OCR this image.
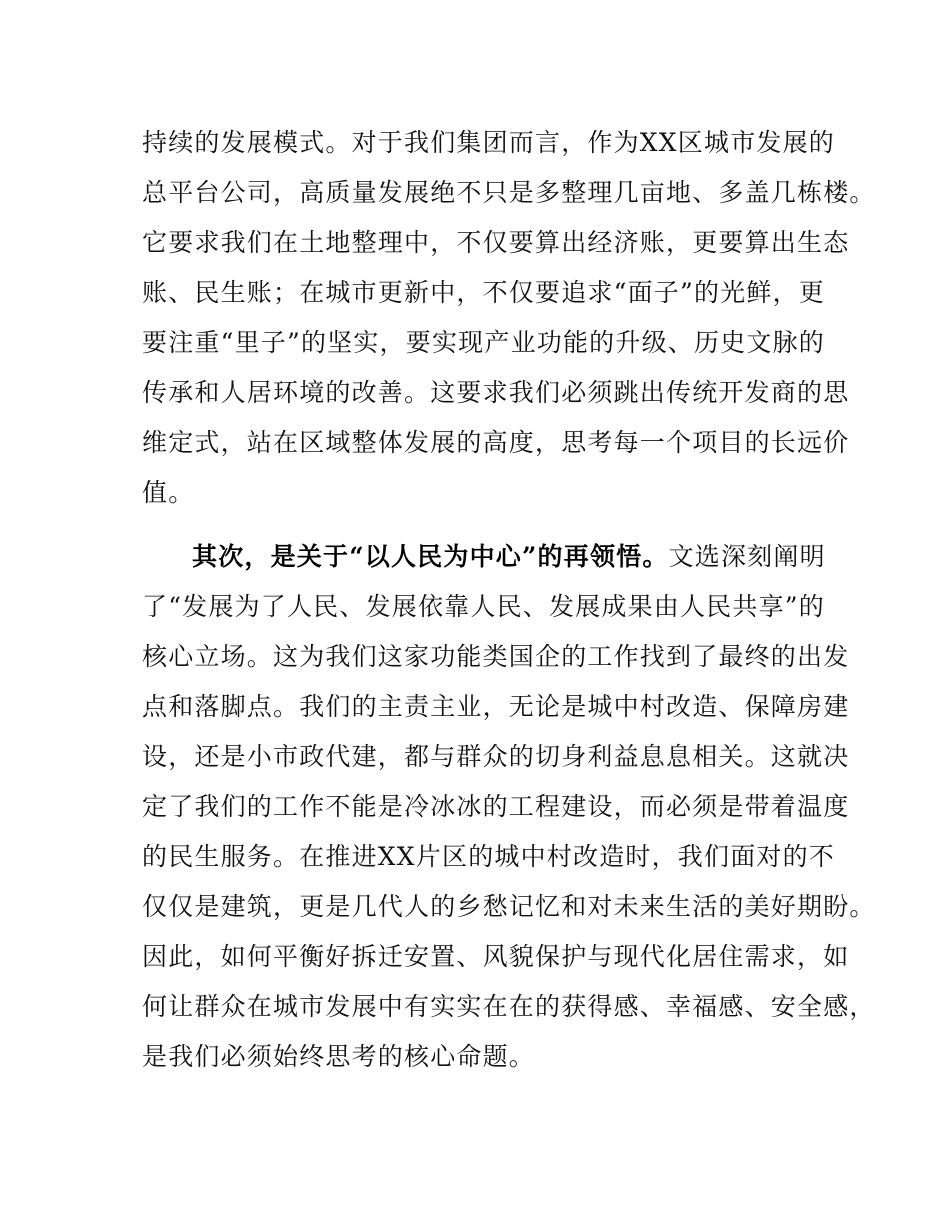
持续的发展模式。对于我们集团而言，作为XX区城市发展的
总平台公司，高质量发展绝不只是多整理几亩地、多盖几栋楼。
它要求我们在土地整理中，不仅要算出经济账，更要算出生态
账、民生账；在城市更新中，不仅要追求“面子”的光鲜，更
要注重“里子”的坚实，要实现产业功能的升级、历史文脉的
传承和人居环境的改善。这要求我们必须跳出传统开发商的思
维定式，站在区域整体发展的高度，思考每一个项目的长远价
值。
其次，是关于“以人民为中心”的再领悟。文选深刻阐明
了“发展为了人民、发展依靠人民、发展成果由人民共享”的
核心立场。这为我们这家功能类国企的工作找到了最终的出发
点和落脚点。我们的主责主业，无论是城中村改造、保障房建
设，还是小市政代建，都与群众的切身利益息息相关。这就决
定了我们的工作不能是冷冰冰的工程建设，而必须是带着温度
的民生服务。在推进XX片区的城中村改造时，我们面对的不
仅仅是建筑，更是几代人的乡愁记忆和对未来生活的美好期盼。
因此，如何平衡好拆迁安置、风貌保护与现代化居住需求，如
何让群众在城市发展中有实实在在的获得感、幸福感、安全感，
是我们必须始终思考的核心命题。
